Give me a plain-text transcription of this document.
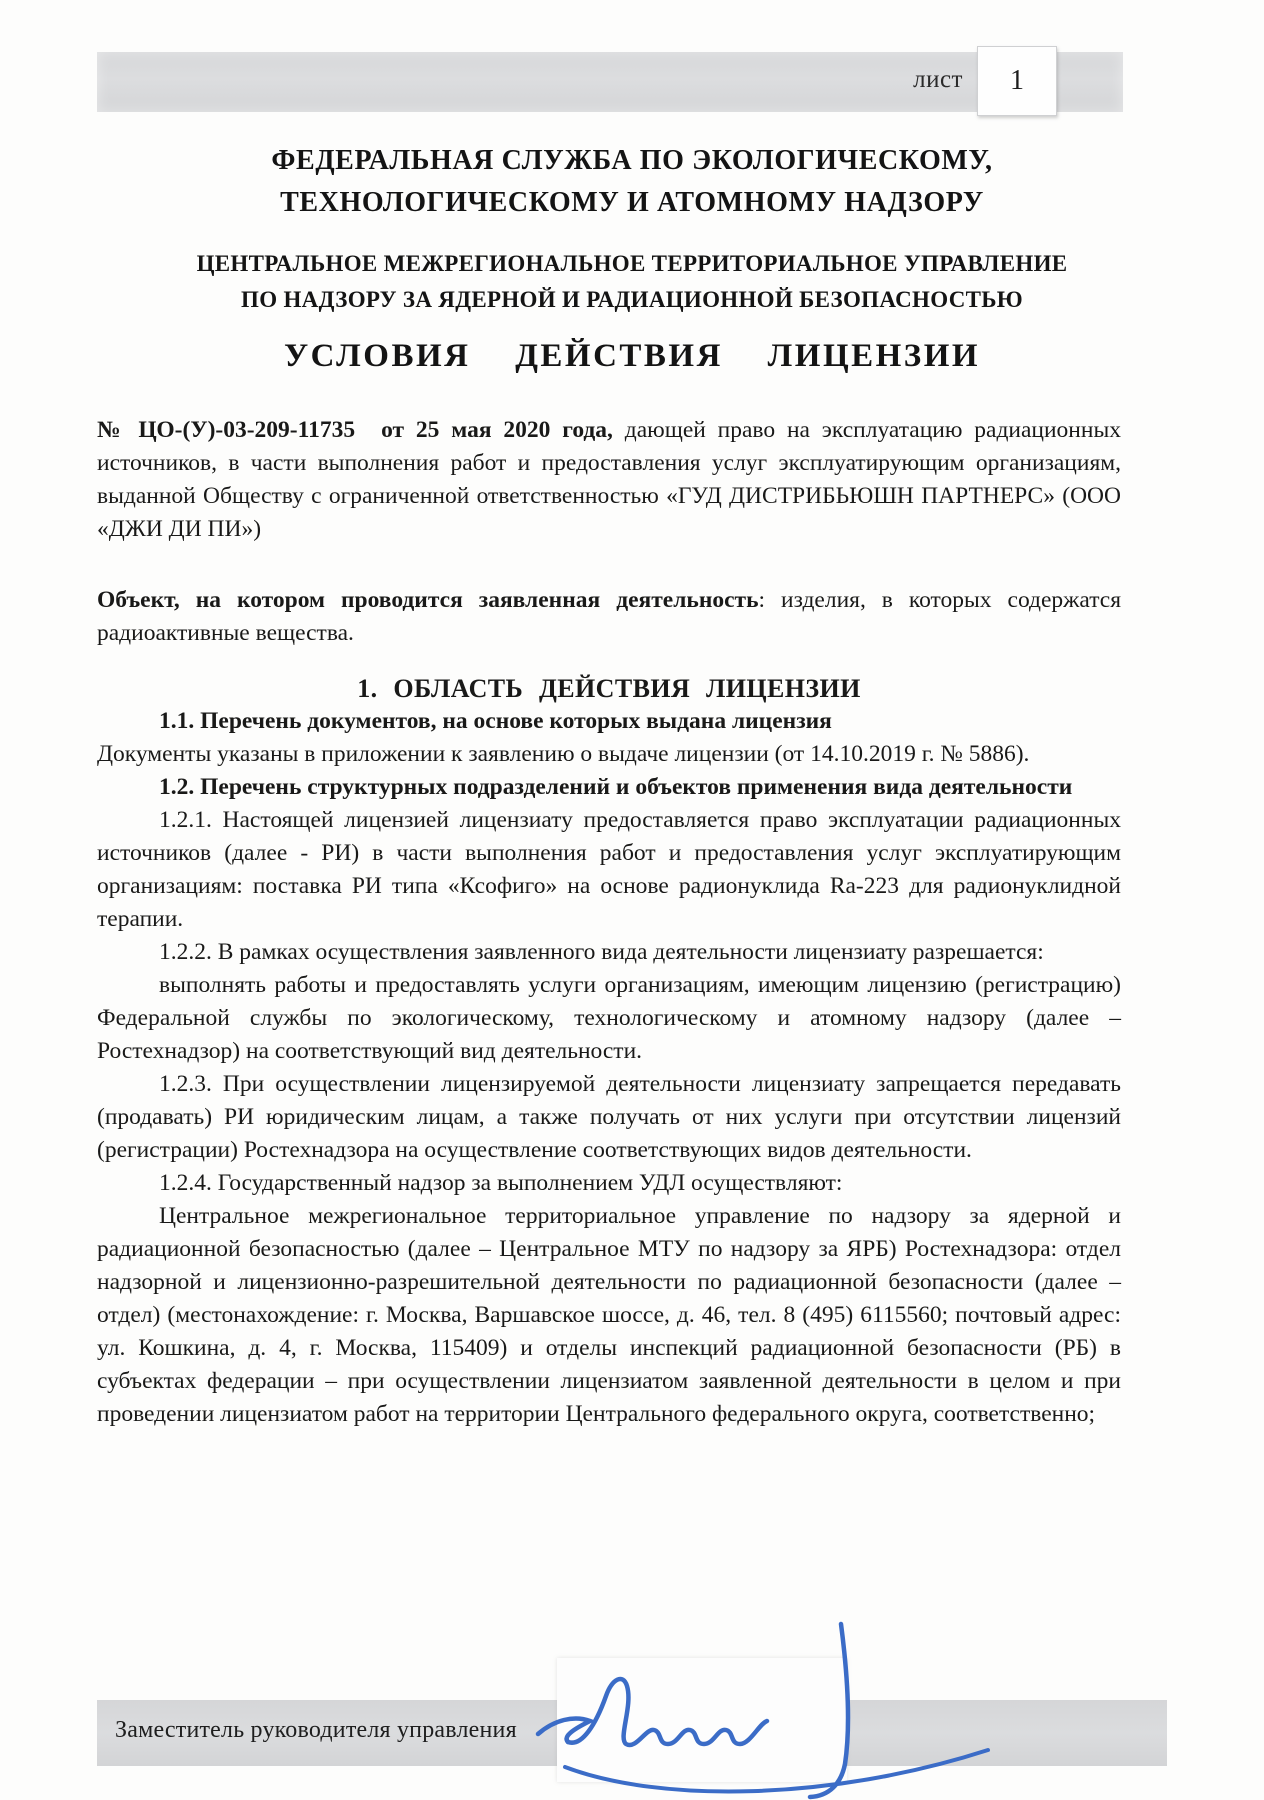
лист 1
ФЕДЕРАЛЬНАЯ СЛУЖБА ПО ЭКОЛОГИЧЕСКОМУ,
ТЕХНОЛОГИЧЕСКОМУ И АТОМНОМУ НАДЗОРУ
ЦЕНТРАЛЬНОЕ МЕЖРЕГИОНАЛЬНОЕ ТЕРРИТОРИАЛЬНОЕ УПРАВЛЕНИЕ
ПО НАДЗОРУ ЗА ЯДЕРНОЙ И РАДИАЦИОННОЙ БЕЗОПАСНОСТЬЮ
УСЛОВИЯ ДЕЙСТВИЯ ЛИЦЕНЗИИ

№ ЦО-(У)-03-209-11735 от 25 мая 2020 года, дающей право на эксплуатацию радиационных источников, в части выполнения работ и предоставления услуг эксплуатирующим организациям, выданной Обществу с ограниченной ответственностью «ГУД ДИСТРИБЬЮШН ПАРТНЕРС» (ООО «ДЖИ ДИ ПИ»)

Объект, на котором проводится заявленная деятельность: изделия, в которых содержатся радиоактивные вещества.

1. ОБЛАСТЬ ДЕЙСТВИЯ ЛИЦЕНЗИИ

1.1. Перечень документов, на основе которых выдана лицензия

Документы указаны в приложении к заявлению о выдаче лицензии (от 14.10.2019 г. № 5886).

1.2. Перечень структурных подразделений и объектов применения вида деятельности

1.2.1. Настоящей лицензией лицензиату предоставляется право эксплуатации радиационных источников (далее - РИ) в части выполнения работ и предоставления услуг эксплуатирующим организациям: поставка РИ типа «Ксофиго» на основе радионуклида Ra-223 для радионуклидной терапии.

1.2.2. В рамках осуществления заявленного вида деятельности лицензиату разрешается:

выполнять работы и предоставлять услуги организациям, имеющим лицензию (регистрацию) Федеральной службы по экологическому, технологическому и атомному надзору (далее – Ростехнадзор) на соответствующий вид деятельности.

1.2.3. При осуществлении лицензируемой деятельности лицензиату запрещается передавать (продавать) РИ юридическим лицам, а также получать от них услуги при отсутствии лицензий (регистрации) Ростехнадзора на осуществление соответствующих видов деятельности.

1.2.4. Государственный надзор за выполнением УДЛ осуществляют:

Центральное межрегиональное территориальное управление по надзору за ядерной и радиационной безопасностью (далее – Центральное МТУ по надзору за ЯРБ) Ростехнадзора: отдел надзорной и лицензионно-разрешительной деятельности по радиационной безопасности (далее – отдел) (местонахождение: г. Москва, Варшавское шоссе, д. 46, тел. 8 (495) 6115560; почтовый адрес: ул. Кошкина, д. 4, г. Москва, 115409) и отделы инспекций радиационной безопасности (РБ) в субъектах федерации – при осуществлении лицензиатом заявленной деятельности в целом и при проведении лицензиатом работ на территории Центрального федерального округа, соответственно;

Заместитель руководителя управления
